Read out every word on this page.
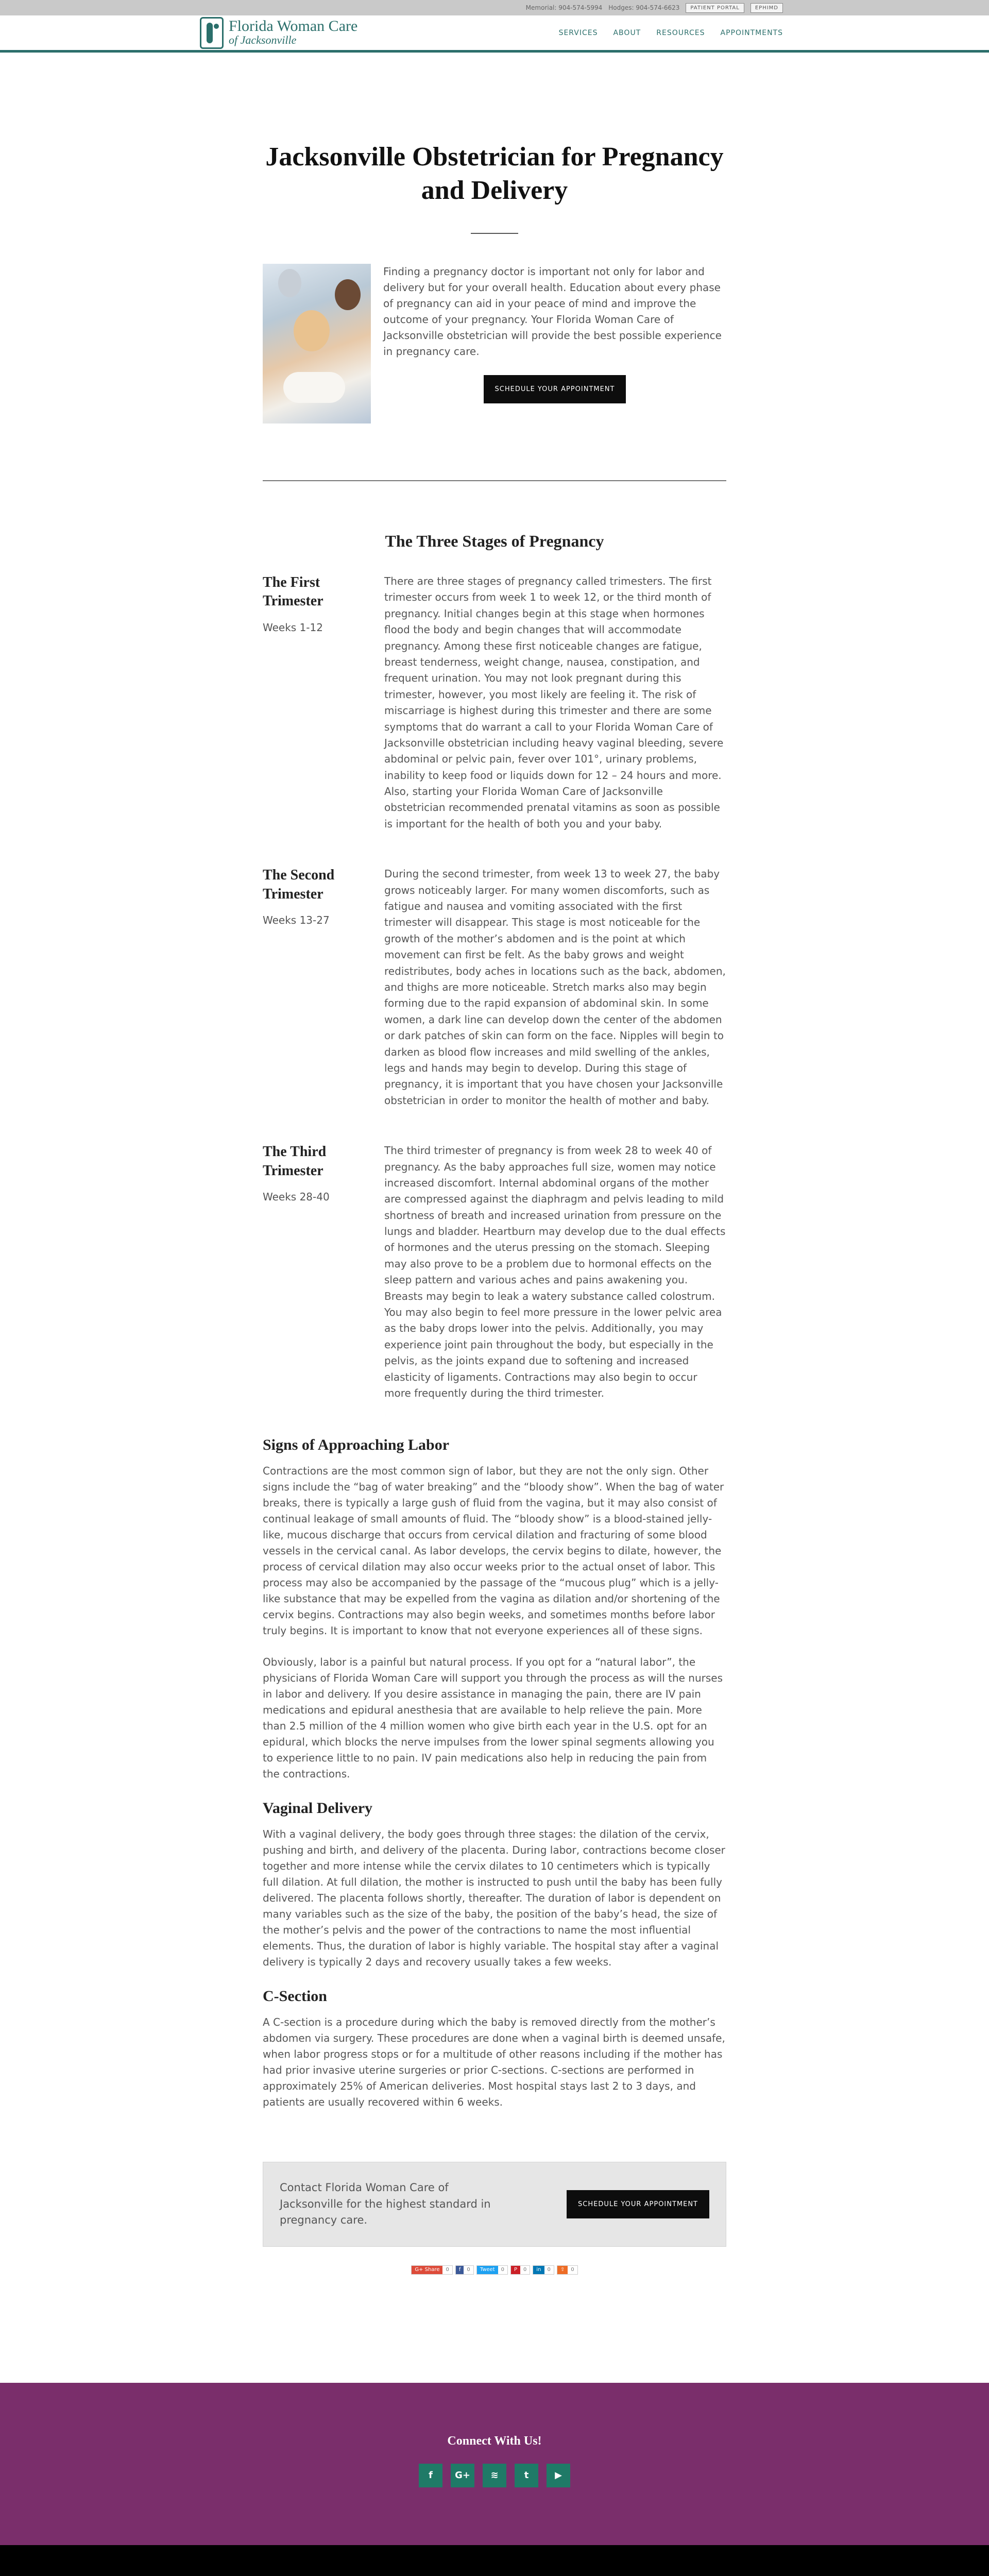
Memorial: 904-574-5994 Hodges: 904-574-6623	PATIENT PORTAL	EPHIMD
Florida Woman Care
of Jacksonville
SERVICES ABOUT RESOURCES APPOINTMENTS
Jacksonville Obstetrician for Pregnancy and Delivery

Finding a pregnancy doctor is important not only for labor and delivery but for your overall health. Education about every phase of pregnancy can aid in your peace of mind and improve the outcome of your pregnancy. Your Florida Woman Care of Jacksonville obstetrician will provide the best possible experience in pregnancy care.

SCHEDULE YOUR APPOINTMENT
The Three Stages of Pregnancy
The First Trimester
Weeks 1-12

There are three stages of pregnancy called trimesters. The first trimester occurs from week 1 to week 12, or the third month of pregnancy. Initial changes begin at this stage when hormones flood the body and begin changes that will accommodate pregnancy. Among these first noticeable changes are fatigue, breast tenderness, weight change, nausea, constipation, and frequent urination. You may not look pregnant during this trimester, however, you most likely are feeling it. The risk of miscarriage is highest during this trimester and there are some symptoms that do warrant a call to your Florida Woman Care of Jacksonville obstetrician including heavy vaginal bleeding, severe abdominal or pelvic pain, fever over 101°, urinary problems, inability to keep food or liquids down for 12 – 24 hours and more. Also, starting your Florida Woman Care of Jacksonville obstetrician recommended prenatal vitamins as soon as possible is important for the health of both you and your baby.

The Second Trimester
Weeks 13-27

During the second trimester, from week 13 to week 27, the baby grows noticeably larger. For many women discomforts, such as fatigue and nausea and vomiting associated with the first trimester will disappear. This stage is most noticeable for the growth of the mother’s abdomen and is the point at which movement can first be felt. As the baby grows and weight redistributes, body aches in locations such as the back, abdomen, and thighs are more noticeable. Stretch marks also may begin forming due to the rapid expansion of abdominal skin. In some women, a dark line can develop down the center of the abdomen or dark patches of skin can form on the face. Nipples will begin to darken as blood flow increases and mild swelling of the ankles, legs and hands may begin to develop. During this stage of pregnancy, it is important that you have chosen your Jacksonville obstetrician in order to monitor the health of mother and baby.

The Third Trimester
Weeks 28-40

The third trimester of pregnancy is from week 28 to week 40 of pregnancy. As the baby approaches full size, women may notice increased discomfort. Internal abdominal organs of the mother are compressed against the diaphragm and pelvis leading to mild shortness of breath and increased urination from pressure on the lungs and bladder. Heartburn may develop due to the dual effects of hormones and the uterus pressing on the stomach. Sleeping may also prove to be a problem due to hormonal effects on the sleep pattern and various aches and pains awakening you. Breasts may begin to leak a watery substance called colostrum. You may also begin to feel more pressure in the lower pelvic area as the baby drops lower into the pelvis. Additionally, you may experience joint pain throughout the body, but especially in the pelvis, as the joints expand due to softening and increased elasticity of ligaments. Contractions may also begin to occur more frequently during the third trimester.

Signs of Approaching Labor

Contractions are the most common sign of labor, but they are not the only sign. Other signs include the “bag of water breaking” and the “bloody show”. When the bag of water breaks, there is typically a large gush of fluid from the vagina, but it may also consist of continual leakage of small amounts of fluid. The “bloody show” is a blood-stained jelly-like, mucous discharge that occurs from cervical dilation and fracturing of some blood vessels in the cervical canal. As labor develops, the cervix begins to dilate, however, the process of cervical dilation may also occur weeks prior to the actual onset of labor. This process may also be accompanied by the passage of the “mucous plug” which is a jelly-like substance that may be expelled from the vagina as dilation and/or shortening of the cervix begins. Contractions may also begin weeks, and sometimes months before labor truly begins. It is important to know that not everyone experiences all of these signs.

Obviously, labor is a painful but natural process. If you opt for a “natural labor”, the physicians of Florida Woman Care will support you through the process as will the nurses in labor and delivery. If you desire assistance in managing the pain, there are IV pain medications and epidural anesthesia that are available to help relieve the pain. More than 2.5 million of the 4 million women who give birth each year in the U.S. opt for an epidural, which blocks the nerve impulses from the lower spinal segments allowing you to experience little to no pain. IV pain medications also help in reducing the pain from the contractions.

Vaginal Delivery

With a vaginal delivery, the body goes through three stages: the dilation of the cervix, pushing and birth, and delivery of the placenta. During labor, contractions become closer together and more intense while the cervix dilates to 10 centimeters which is typically full dilation. At full dilation, the mother is instructed to push until the baby has been fully delivered. The placenta follows shortly, thereafter. The duration of labor is dependent on many variables such as the size of the baby, the position of the baby’s head, the size of the mother’s pelvis and the power of the contractions to name the most influential elements. Thus, the duration of labor is highly variable. The hospital stay after a vaginal delivery is typically 2 days and recovery usually takes a few weeks.

C-Section

A C-section is a procedure during which the baby is removed directly from the mother’s abdomen via surgery. These procedures are done when a vaginal birth is deemed unsafe, when labor progress stops or for a multitude of other reasons including if the mother has had prior invasive uterine surgeries or prior C-sections. C-sections are performed in approximately 25% of American deliveries. Most hospital stays last 2 to 3 days, and patients are usually recovered within 6 weeks.

Contact Florida Woman Care of Jacksonville for the highest standard in pregnancy care.

SCHEDULE YOUR APPOINTMENT
G+ Share	0	f	0	Tweet	0	P	0	in	0	⇧	0
Connect With Us!
f	G+	≋	t	▶
